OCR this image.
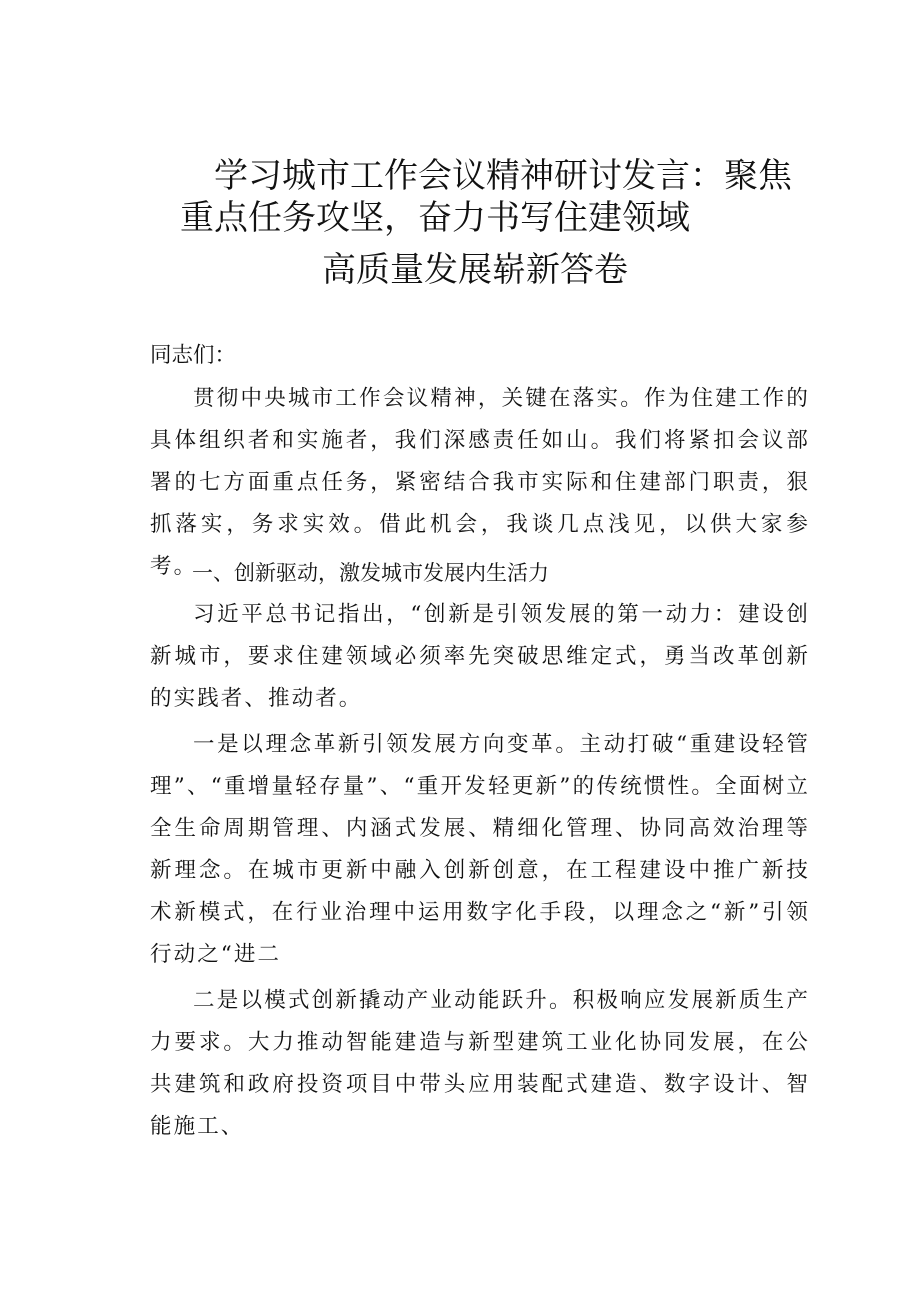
学习城市工作会议精神研讨发言：聚焦
重点任务攻坚，奋力书写住建领域
高质量发展崭新答卷
同志们：
贯彻中央城市工作会议精神，关键在落实。作为住建工作的具体组织者和实施者，我们深感责任如山。我们将紧扣会议部署的七方面重点任务，紧密结合我市实际和住建部门职责，狠抓落实，务求实效。借此机会，我谈几点浅见，以供大家参考。
一、创新驱动，激发城市发展内生活力
习近平总书记指出，“创新是引领发展的第一动力：建设创新城市，要求住建领域必须率先突破思维定式，勇当改革创新的实践者、推动者。
一是以理念革新引领发展方向变革。主动打破“重建设轻管理”、“重增量轻存量”、“重开发轻更新”的传统惯性。全面树立全生命周期管理、内涵式发展、精细化管理、协同高效治理等新理念。在城市更新中融入创新创意，在工程建设中推广新技术新模式，在行业治理中运用数字化手段，以理念之“新”引领行动之“进二
二是以模式创新撬动产业动能跃升。积极响应发展新质生产力要求。大力推动智能建造与新型建筑工业化协同发展，在公共建筑和政府投资项目中带头应用装配式建造、数字设计、智能施工、
